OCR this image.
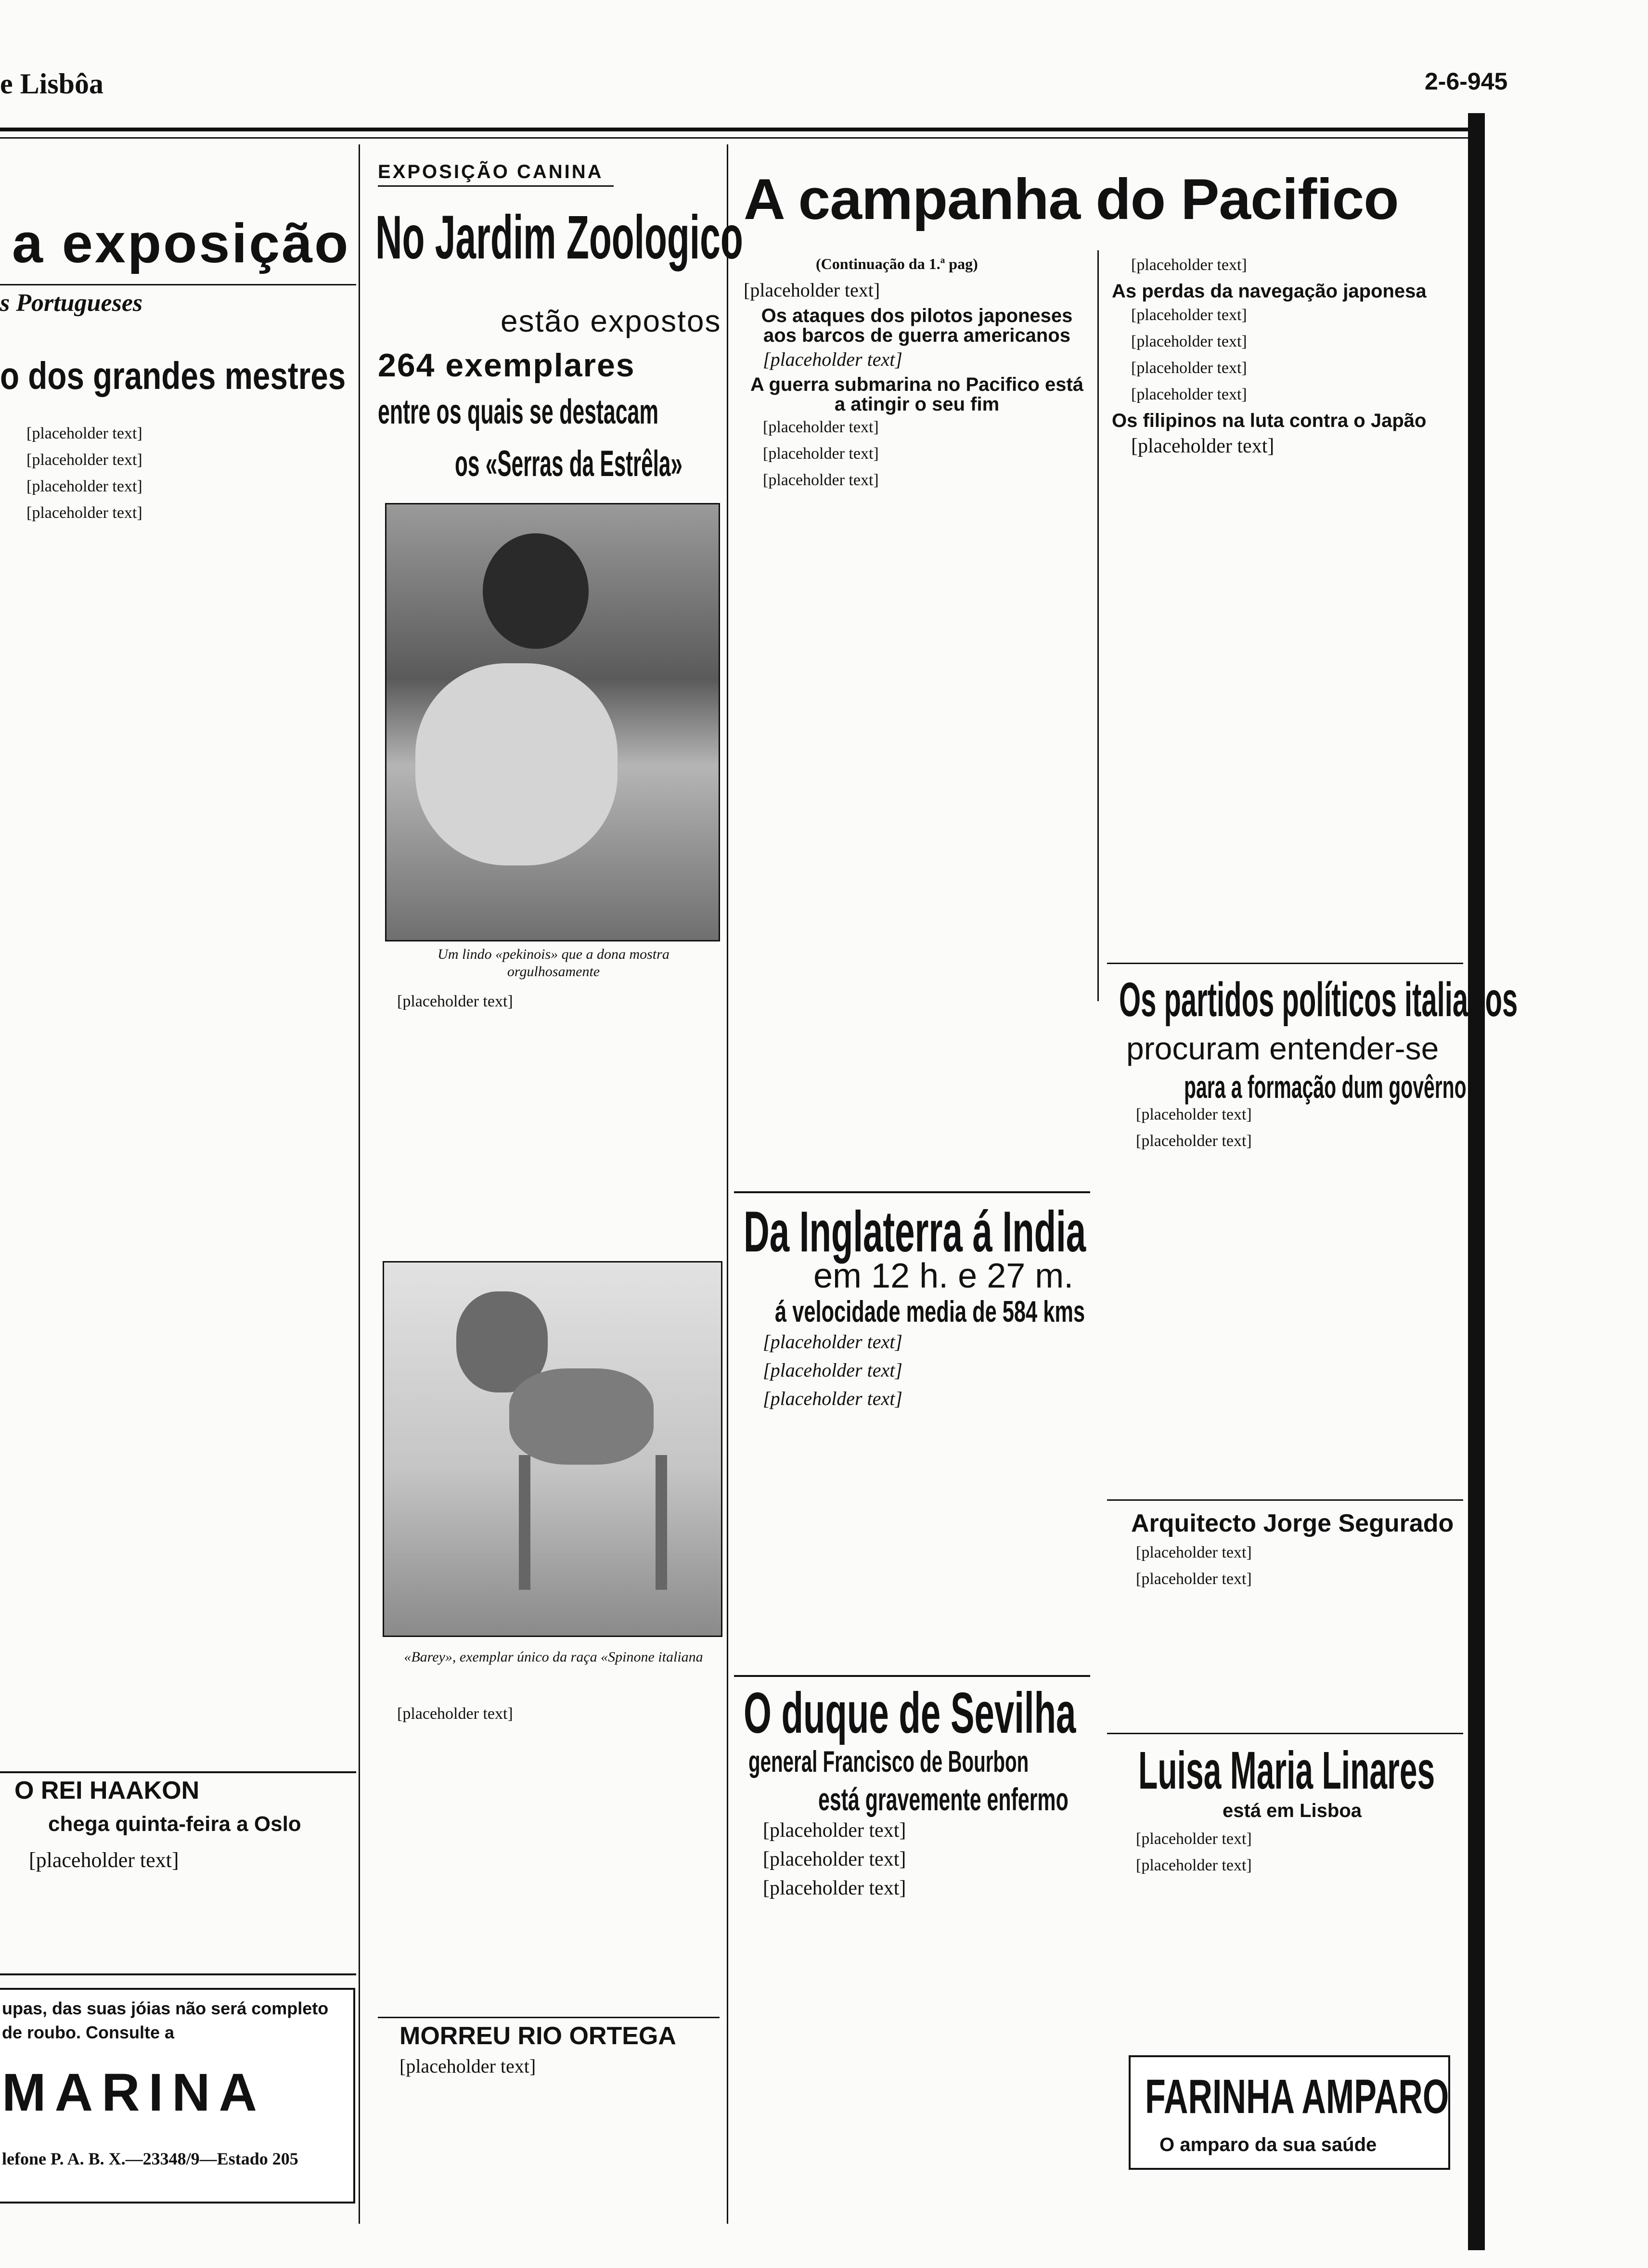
e Lisbôa	2-6-945
a exposição
s Portugueses
o dos grandes mestres

[placeholder text]

[placeholder text]

[placeholder text]

[placeholder text]

O REI HAAKON
chega quinta-feira a Oslo
[placeholder text]
upas, das suas jóias não será completo
de roubo. Consulte a
MARINA
lefone P. A. B. X.—23348/9—Estado 205
EXPOSIÇÃO CANINA
No Jardim Zoologico
estão expostos
264 exemplares
entre os quais se destacam
os «Serras da Estrêla»
Um lindo «pekinois» que a dona mostra orgulhosamente

[placeholder text]

«Barey», exemplar único da raça «Spinone italiana

[placeholder text]

MORREU RIO ORTEGA
[placeholder text]
A campanha do Pacifico
(Continuação da 1.ª pag)
[placeholder text]
Os ataques dos pilotos japoneses aos barcos de guerra americanos
[placeholder text]
A guerra submarina no Pacifico está a atingir o seu fim

[placeholder text]

[placeholder text]

[placeholder text]

[placeholder text]

As perdas da navegação japonesa

[placeholder text]

[placeholder text]

[placeholder text]

[placeholder text]

Os filipinos na luta contra o Japão
[placeholder text]
Da Inglaterra á India
em 12 h. e 27 m.
á velocidade media de 584 kms

[placeholder text]

[placeholder text]

[placeholder text]

O duque de Sevilha
general Francisco de Bourbon
está gravemente enfermo

[placeholder text]

[placeholder text]

[placeholder text]

Os partidos políticos italianos
procuram entender-se
para a formação dum govêrno

[placeholder text]

[placeholder text]

Arquitecto Jorge Segurado

[placeholder text]

[placeholder text]

Luisa Maria Linares
está em Lisboa

[placeholder text]

[placeholder text]

FARINHA AMPARO
O amparo da sua saúde
